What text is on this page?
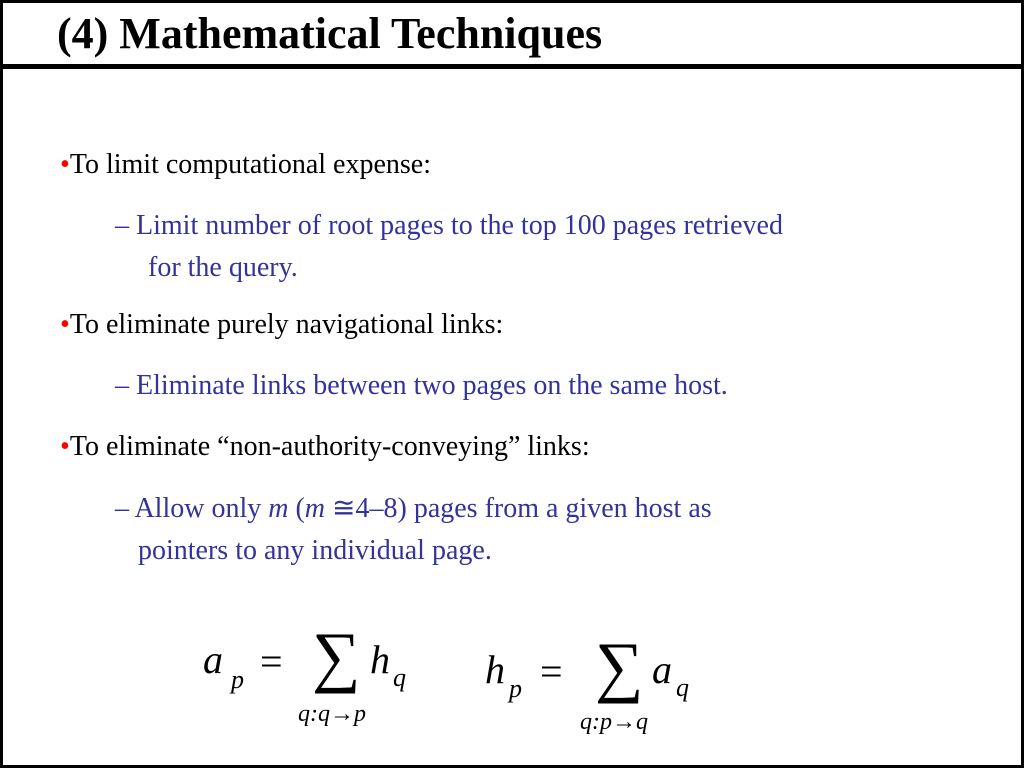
(4) Mathematical Techniques
•To limit computational expense:
– Limit number of root pages to the top 100 pages retrieved
for the query.
•To eliminate purely navigational links:
– Eliminate links between two pages on the same host.
•To eliminate “non-authority-conveying” links:
– Allow only m (m ≅4–8) pages from a given host as
pointers to any individual page.
a p = ∑ h q
q:q→p
h p = ∑ a q
q:p→q
